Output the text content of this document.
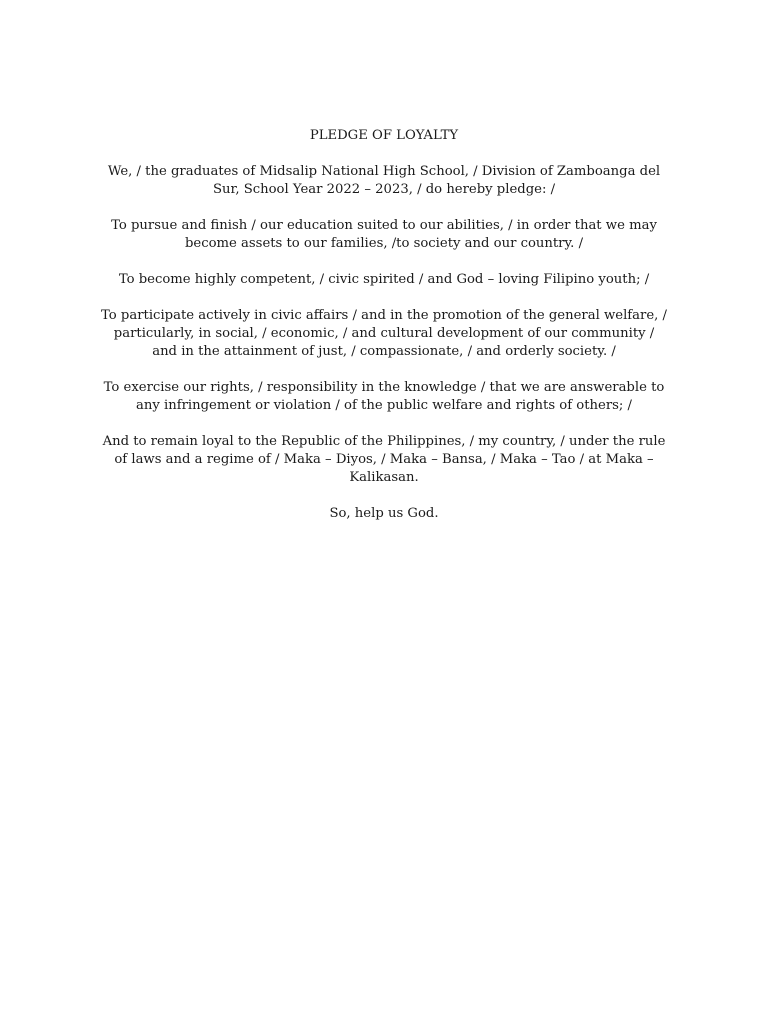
PLEDGE OF LOYALTY
We, / the graduates of Midsalip National High School, / Division of Zamboanga del
Sur, School Year 2022 – 2023, / do hereby pledge: /
To pursue and finish / our education suited to our abilities, / in order that we may
become assets to our families, /to society and our country. /
To become highly competent, / civic spirited / and God – loving Filipino youth; /
To participate actively in civic affairs / and in the promotion of the general welfare, /
particularly, in social, / economic, / and cultural development of our community /
and in the attainment of just, / compassionate, / and orderly society. /
To exercise our rights, / responsibility in the knowledge / that we are answerable to
any infringement or violation / of the public welfare and rights of others; /
And to remain loyal to the Republic of the Philippines, / my country, / under the rule
of laws and a regime of / Maka – Diyos, / Maka – Bansa, / Maka – Tao / at Maka –
Kalikasan.
So, help us God.
